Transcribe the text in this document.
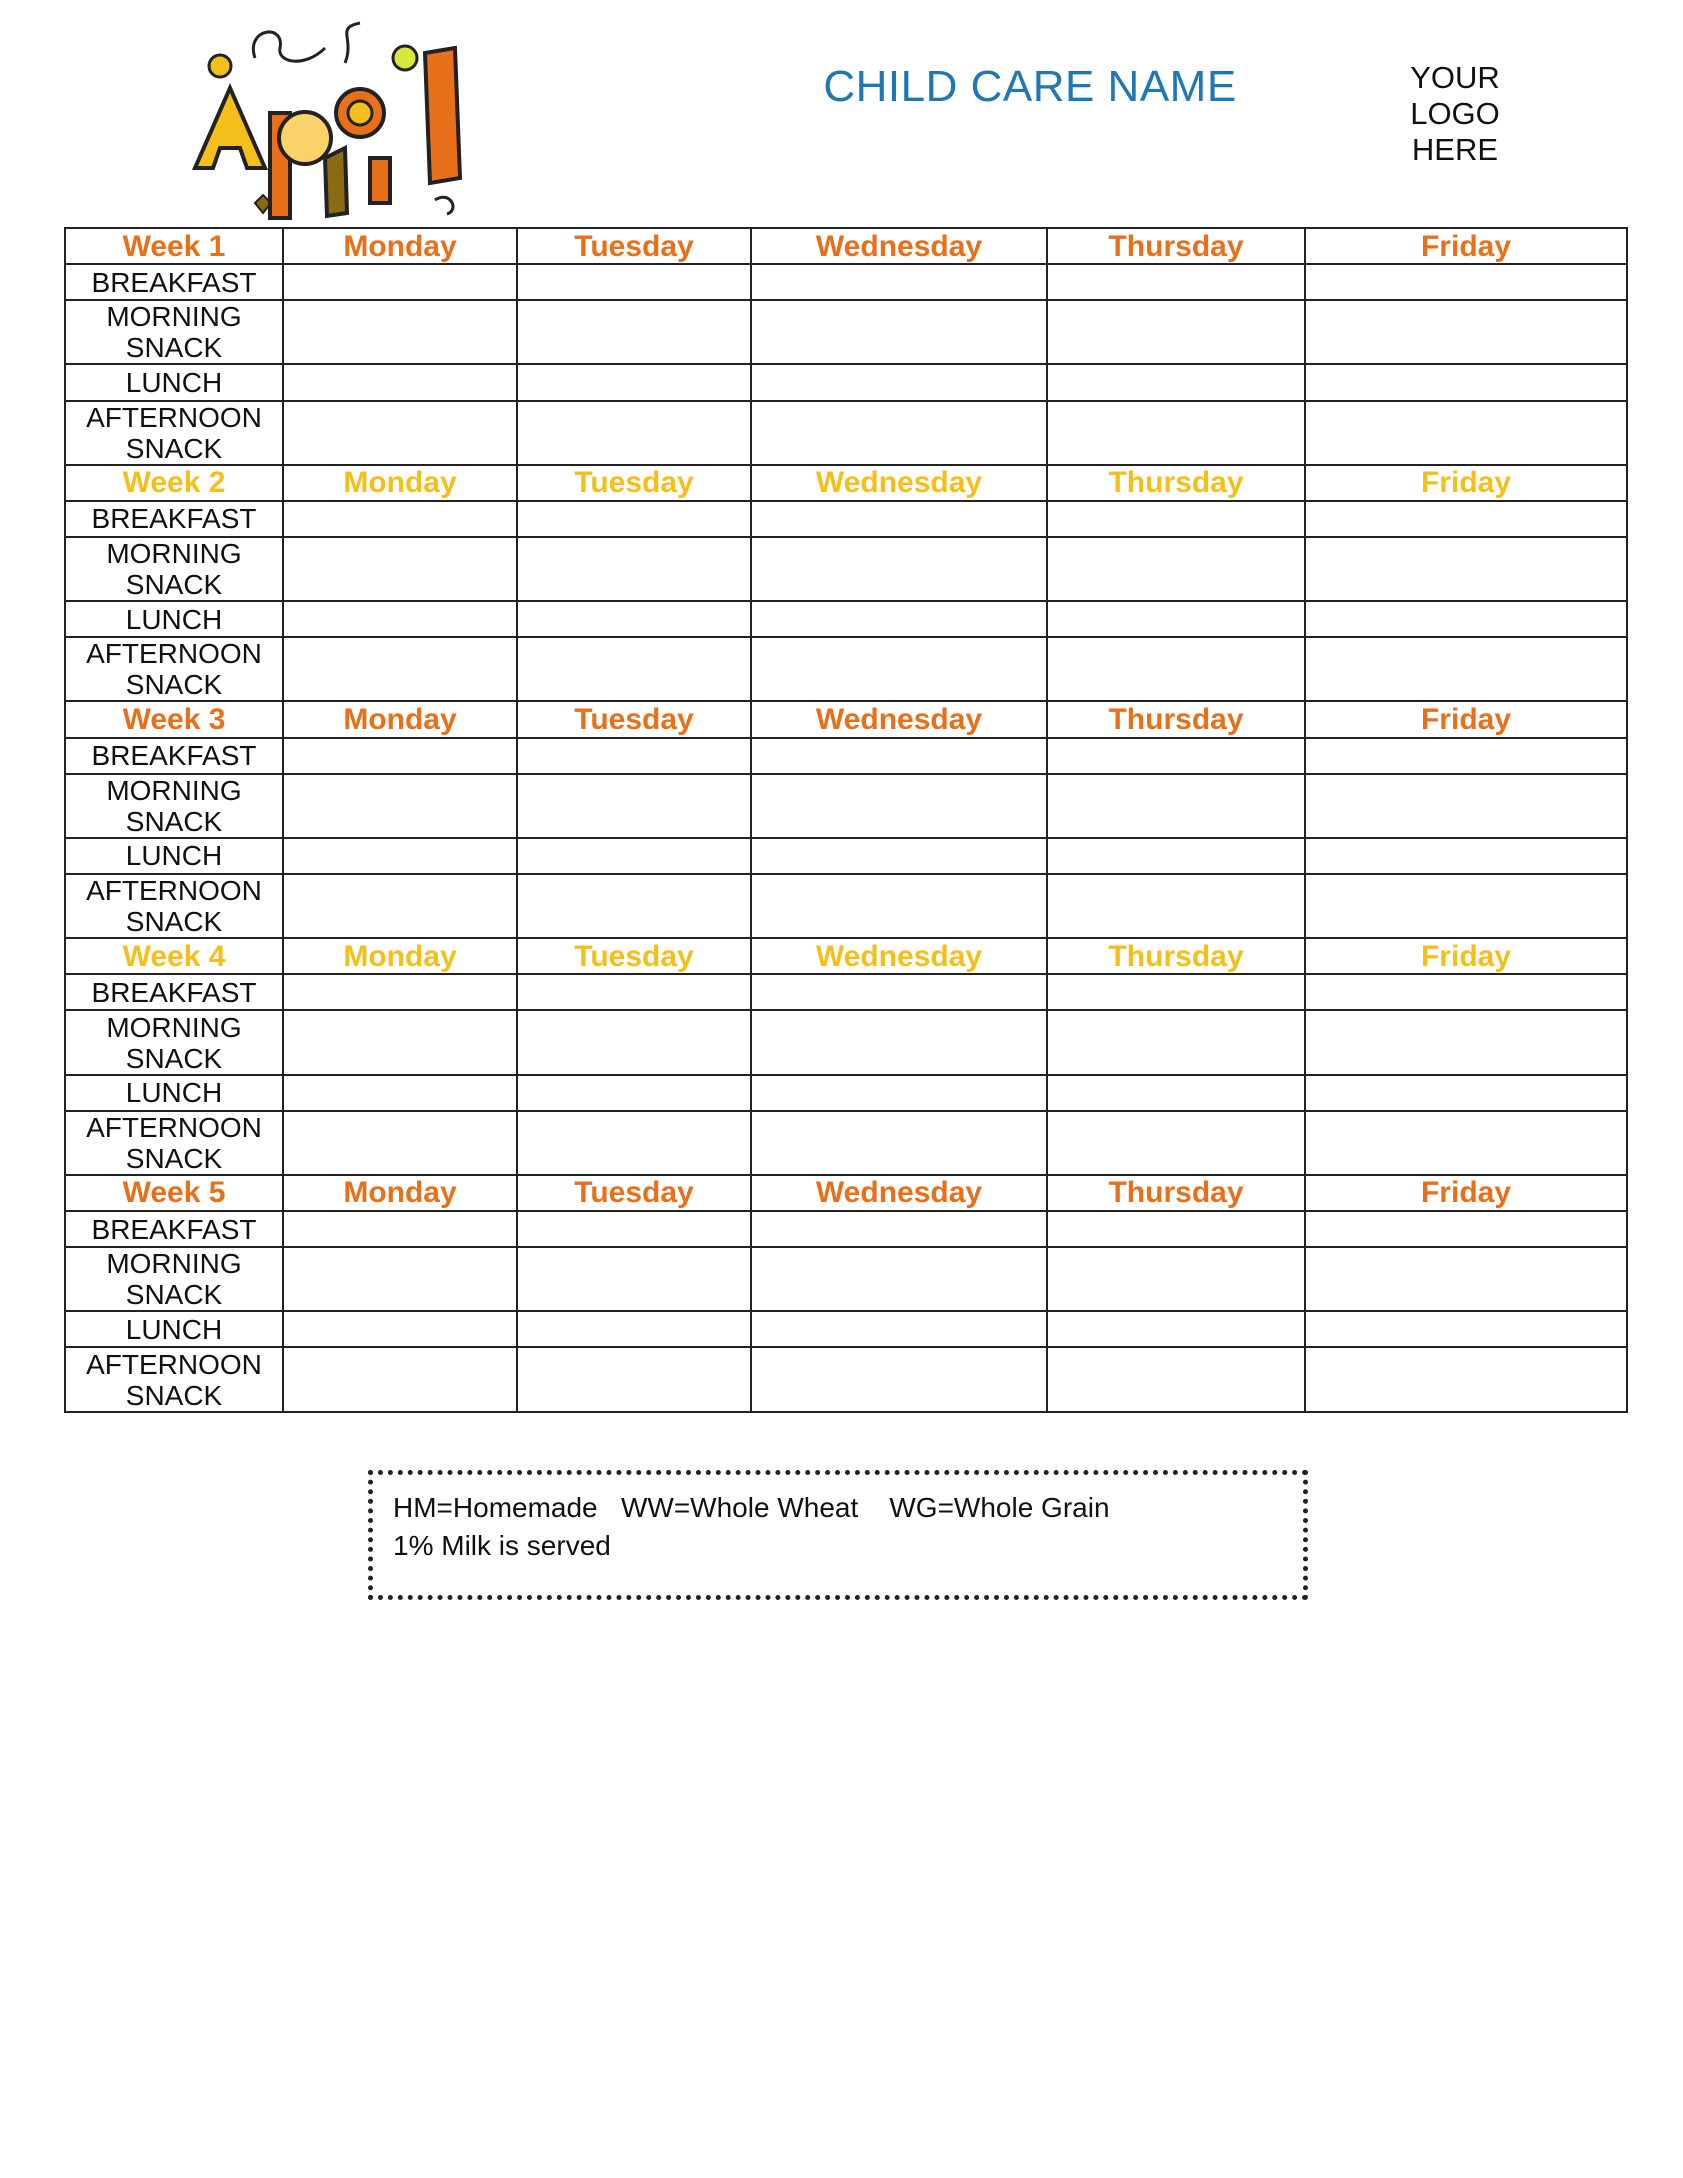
CHILD CARE NAME	YOUR
LOGO
HERE
Week 1	Monday	Tuesday	Wednesday	Thursday	Friday
BREAKFAST					
MORNING
SNACK					
LUNCH					
AFTERNOON
SNACK					
Week 2	Monday	Tuesday	Wednesday	Thursday	Friday
BREAKFAST					
MORNING
SNACK					
LUNCH					
AFTERNOON
SNACK					
Week 3	Monday	Tuesday	Wednesday	Thursday	Friday
BREAKFAST					
MORNING
SNACK					
LUNCH					
AFTERNOON
SNACK					
Week 4	Monday	Tuesday	Wednesday	Thursday	Friday
BREAKFAST					
MORNING
SNACK					
LUNCH					
AFTERNOON
SNACK					
Week 5	Monday	Tuesday	Wednesday	Thursday	Friday
BREAKFAST					
MORNING
SNACK					
LUNCH					
AFTERNOON
SNACK					
HM=Homemade   WW=Whole Wheat    WG=Whole Grain
1% Milk is served
